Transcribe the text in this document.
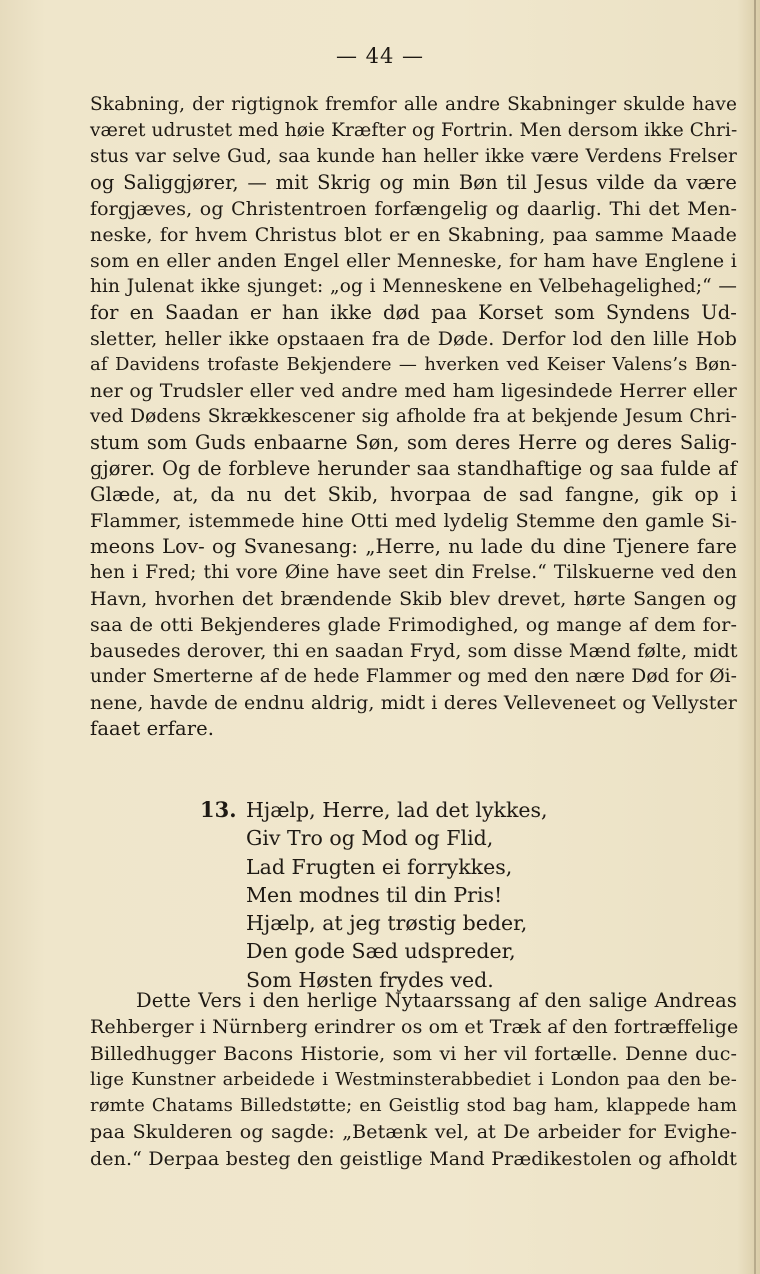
— 44 —
Skabning, der rigtignok fremfor alle andre Skabninger skulde have
været udrustet med høie Kræfter og Fortrin. Men dersom ikke Chri-
stus var selve Gud, saa kunde han heller ikke være Verdens Frelser
og Saliggjører, — mit Skrig og min Bøn til Jesus vilde da være
forgjæves, og Christentroen forfængelig og daarlig. Thi det Men-
neske, for hvem Christus blot er en Skabning, paa samme Maade
som en eller anden Engel eller Menneske, for ham have Englene i
hin Julenat ikke sjunget: „og i Menneskene en Velbehagelighed;“ —
for en Saadan er han ikke død paa Korset som Syndens Ud-
sletter, heller ikke opstaaen fra de Døde. Derfor lod den lille Hob
af Davidens trofaste Bekjendere — hverken ved Keiser Valens’s Bøn-
ner og Trudsler eller ved andre med ham ligesindede Herrer eller
ved Dødens Skrækkescener sig afholde fra at bekjende Jesum Chri-
stum som Guds enbaarne Søn, som deres Herre og deres Salig-
gjører. Og de forbleve herunder saa standhaftige og saa fulde af
Glæde, at, da nu det Skib, hvorpaa de sad fangne, gik op i
Flammer, istemmede hine Otti med lydelig Stemme den gamle Si-
meons Lov- og Svanesang: „Herre, nu lade du dine Tjenere fare
hen i Fred; thi vore Øine have seet din Frelse.“ Tilskuerne ved den
Havn, hvorhen det brændende Skib blev drevet, hørte Sangen og
saa de otti Bekjenderes glade Frimodighed, og mange af dem for-
bausedes derover, thi en saadan Fryd, som disse Mænd følte, midt
under Smerterne af de hede Flammer og med den nære Død for Øi-
nene, havde de endnu aldrig, midt i deres Velleveneet og Vellyster
faaet erfare.
13. Hjælp, Herre, lad det lykkes,
Giv Tro og Mod og Flid,
Lad Frugten ei forrykkes,
Men modnes til din Pris!
Hjælp, at jeg trøstig beder,
Den gode Sæd udspreder,
Som Høsten frydes ved.
Dette Vers i den herlige Nytaarssang af den salige Andreas
Rehberger i Nürnberg erindrer os om et Træk af den fortræffelige
Billedhugger Bacons Historie, som vi her vil fortælle. Denne duc-
lige Kunstner arbeidede i Westminsterabbediet i London paa den be-
rømte Chatams Billedstøtte; en Geistlig stod bag ham, klappede ham
paa Skulderen og sagde: „Betænk vel, at De arbeider for Evighe-
den.“ Derpaa besteg den geistlige Mand Prædikestolen og afholdt
